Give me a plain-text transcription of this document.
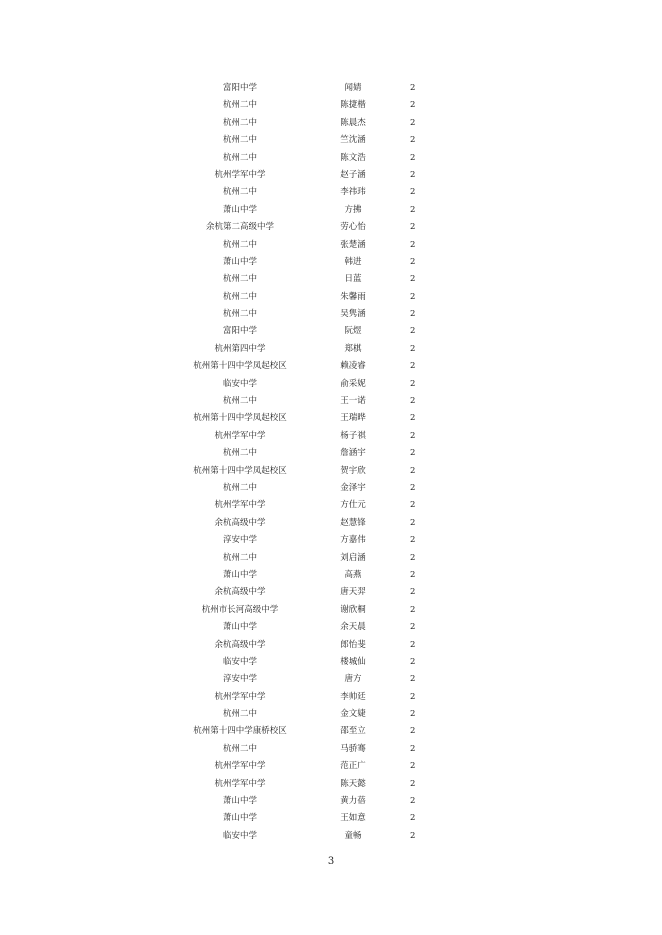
富阳中学	闻婧	2
杭州二中	陈捷楷	2
杭州二中	陈晨杰	2
杭州二中	竺沈涵	2
杭州二中	陈文浩	2
杭州学军中学	赵子涵	2
杭州二中	李祎玮	2
萧山中学	方拂	2
余杭第二高级中学	劳心怡	2
杭州二中	张楚涵	2
萧山中学	韩进	2
杭州二中	日蓝	2
杭州二中	朱馨雨	2
杭州二中	吴隽涵	2
富阳中学	阮煜	2
杭州第四中学	郑棋	2
杭州第十四中学凤起校区	赖凌睿	2
临安中学	俞采妮	2
杭州二中	王一诺	2
杭州第十四中学凤起校区	王瑞晔	2
杭州学军中学	杨子祺	2
杭州二中	詹涵宇	2
杭州第十四中学凤起校区	贺宇欣	2
杭州二中	金泽宇	2
杭州学军中学	方仕元	2
余杭高级中学	赵慧锋	2
淳安中学	方嘉伟	2
杭州二中	刘启涵	2
萧山中学	高燕	2
余杭高级中学	唐天羿	2
杭州市长河高级中学	谢欣桐	2
萧山中学	余天晨	2
余杭高级中学	郎怡斐	2
临安中学	楼城仙	2
淳安中学	唐方	2
杭州学军中学	李帅廷	2
杭州二中	金文婕	2
杭州第十四中学康桥校区	邵至立	2
杭州二中	马骄骞	2
杭州学军中学	范正广	2
杭州学军中学	陈天懿	2
萧山中学	黄力蓓	2
萧山中学	王如意	2
临安中学	童畅	2
3
